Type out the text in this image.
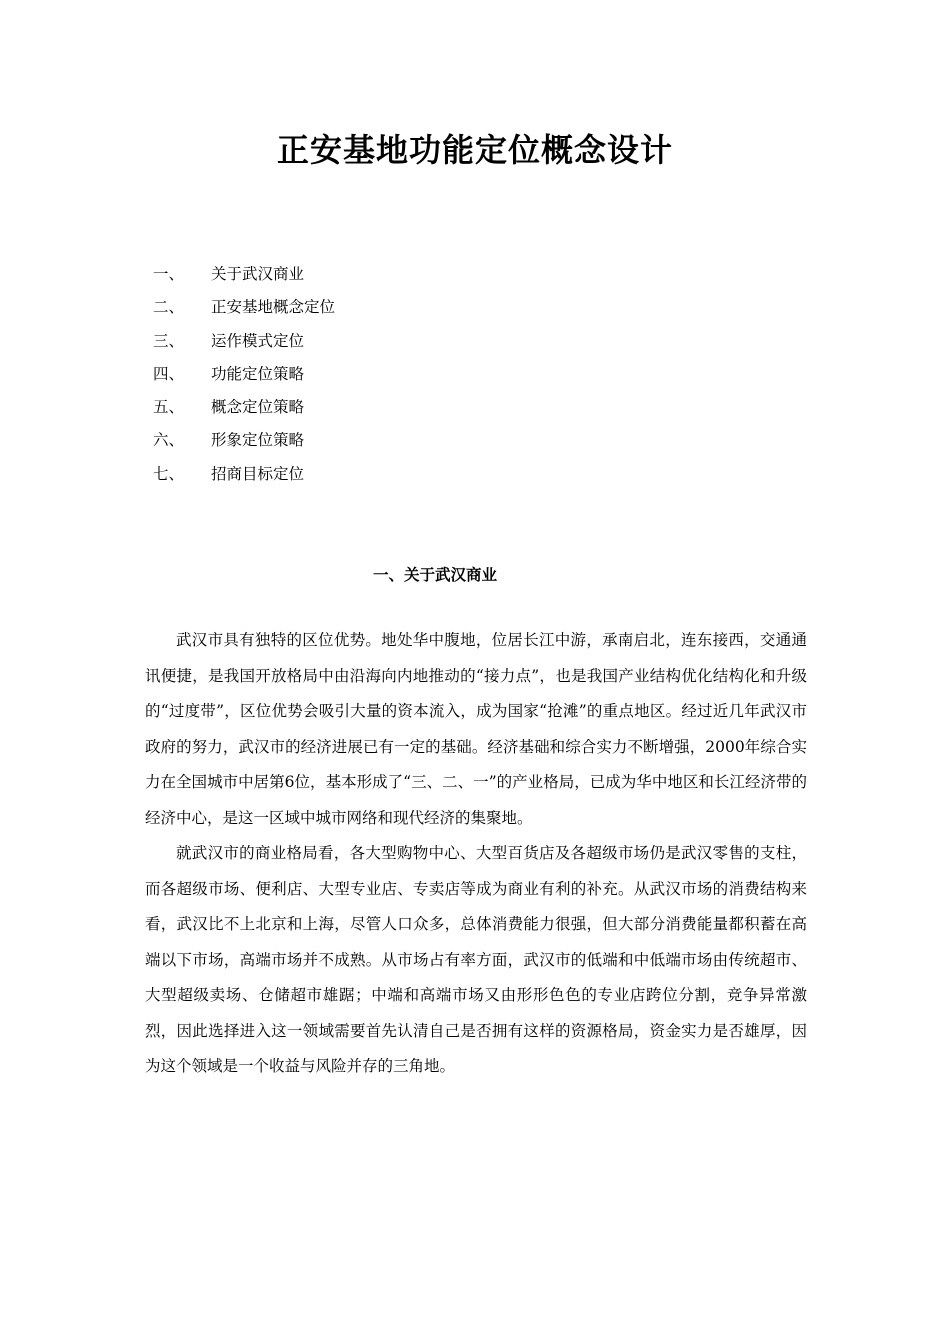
正安基地功能定位概念设计
一、 关于武汉商业
二、 正安基地概念定位
三、 运作模式定位
四、 功能定位策略
五、 概念定位策略
六、 形象定位策略
七、 招商目标定位
一、关于武汉商业

武汉市具有独特的区位优势。地处华中腹地，位居长江中游，承南启北，连东接西，交通通讯便捷，是我国开放格局中由沿海向内地推动的“接力点”，也是我国产业结构优化结构化和升级的“过度带”，区位优势会吸引大量的资本流入，成为国家“抢滩”的重点地区。经过近几年武汉市政府的努力，武汉市的经济进展已有一定的基础。经济基础和综合实力不断增强，2000年综合实力在全国城市中居第6位，基本形成了“三、二、一”的产业格局，已成为华中地区和长江经济带的经济中心，是这一区域中城市网络和现代经济的集聚地。

就武汉市的商业格局看，各大型购物中心、大型百货店及各超级市场仍是武汉零售的支柱，而各超级市场、便利店、大型专业店、专卖店等成为商业有利的补充。从武汉市场的消费结构来看，武汉比不上北京和上海，尽管人口众多，总体消费能力很强，但大部分消费能量都积蓄在高端以下市场，高端市场并不成熟。从市场占有率方面，武汉市的低端和中低端市场由传统超市、大型超级卖场、仓储超市雄踞；中端和高端市场又由形形色色的专业店跨位分割，竞争异常激烈，因此选择进入这一领域需要首先认清自己是否拥有这样的资源格局，资金实力是否雄厚，因为这个领域是一个收益与风险并存的三角地。
